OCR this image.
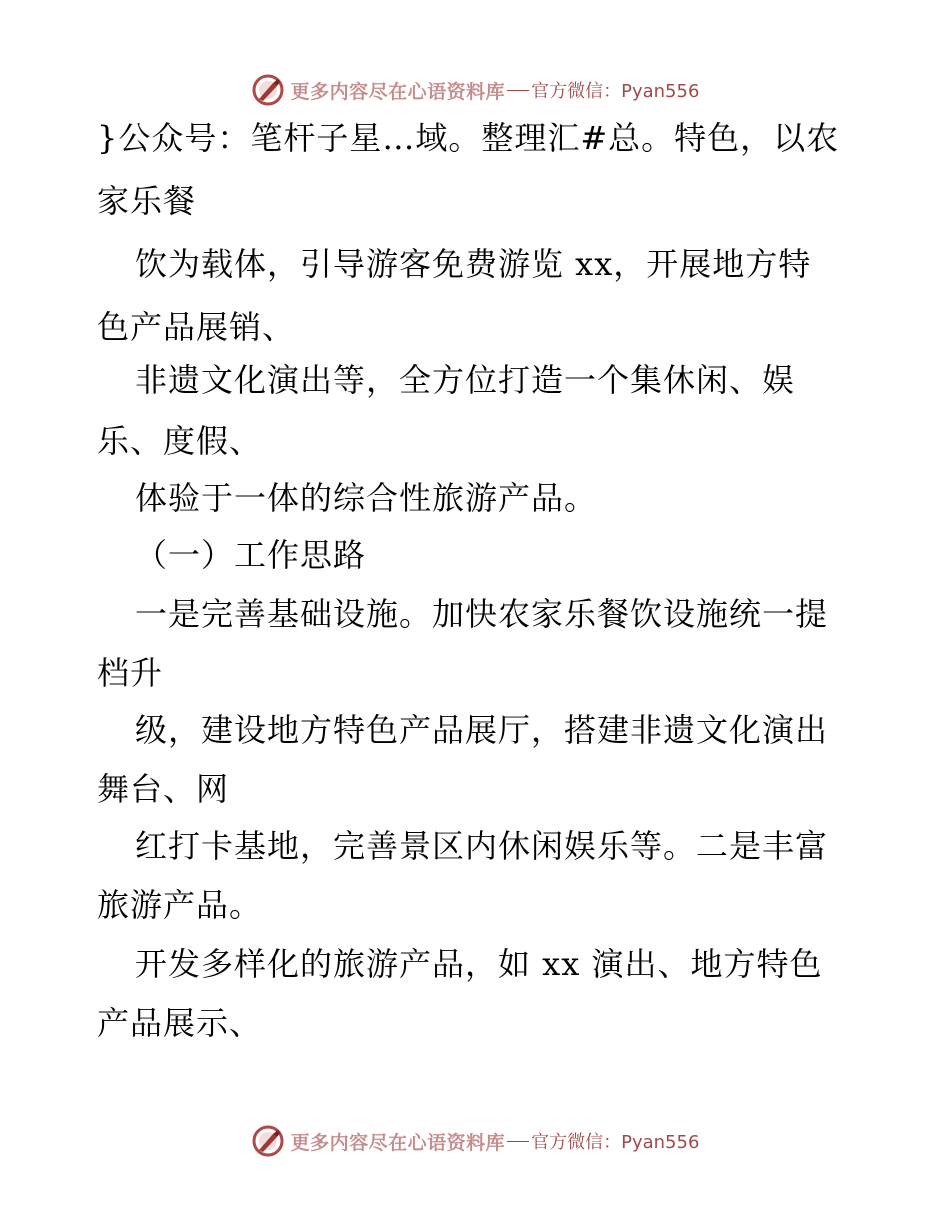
更多内容尽在心语资料库 官方微信：Pyan556
}公众号：笔杆子星…域。整理汇#总。特色，以农
家乐餐
饮为载体，引导游客免费游览 xx，开展地方特
色产品展销、
非遗文化演出等，全方位打造一个集休闲、娱
乐、度假、
体验于一体的综合性旅游产品。
（一）工作思路
一是完善基础设施。加快农家乐餐饮设施统一提
档升
级，建设地方特色产品展厅，搭建非遗文化演出
舞台、网
红打卡基地，完善景区内休闲娱乐等。二是丰富
旅游产品。
开发多样化的旅游产品，如 xx 演出、地方特色
产品展示、
更多内容尽在心语资料库 官方微信：Pyan556
